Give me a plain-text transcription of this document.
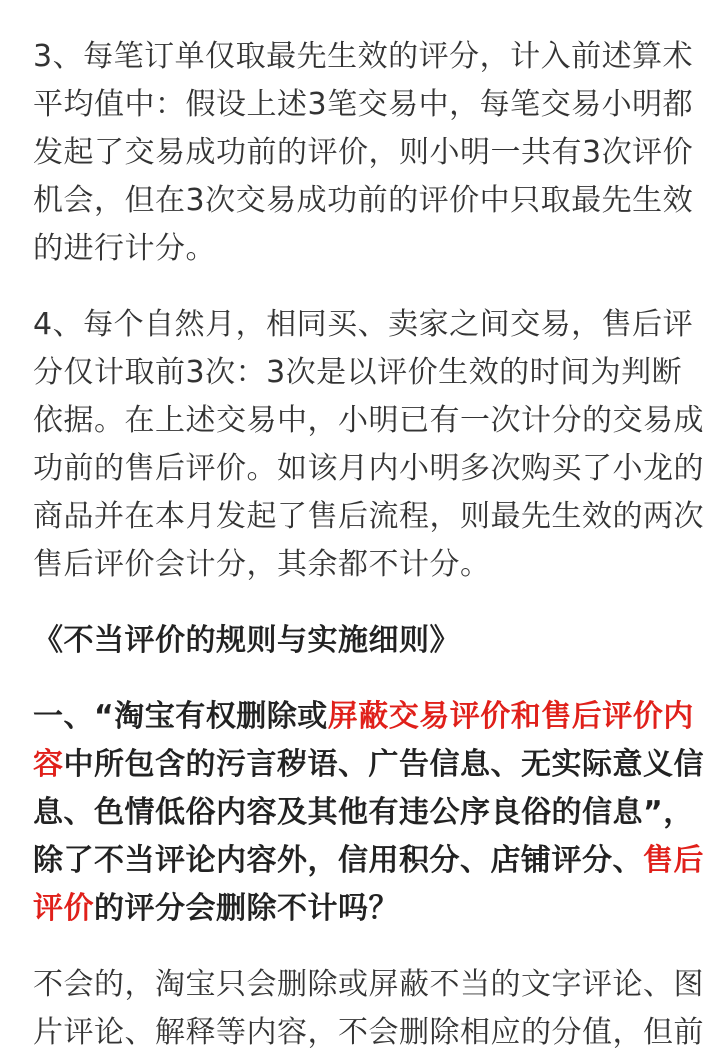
3、每笔订单仅取最先生效的评分，计入前述算术
平均值中：假设上述3笔交易中，每笔交易小明都
发起了交易成功前的评价，则小明一共有3次评价
机会，但在3次交易成功前的评价中只取最先生效
的进行计分。
4、每个自然月，相同买、卖家之间交易，售后评
分仅计取前3次：3次是以评价生效的时间为判断
依据。在上述交易中，小明已有一次计分的交易成
功前的售后评价。如该月内小明多次购买了小龙的
商品并在本月发起了售后流程，则最先生效的两次
售后评价会计分，其余都不计分。
《不当评价的规则与实施细则》
一、“淘宝有权删除或屏蔽交易评价和售后评价内
容中所包含的污言秽语、广告信息、无实际意义信
息、色情低俗内容及其他有违公序良俗的信息”，
除了不当评论内容外，信用积分、店铺评分、售后
评价的评分会删除不计吗？
不会的，淘宝只会删除或屏蔽不当的文字评论、图
片评论、解释等内容，不会删除相应的分值，但前
